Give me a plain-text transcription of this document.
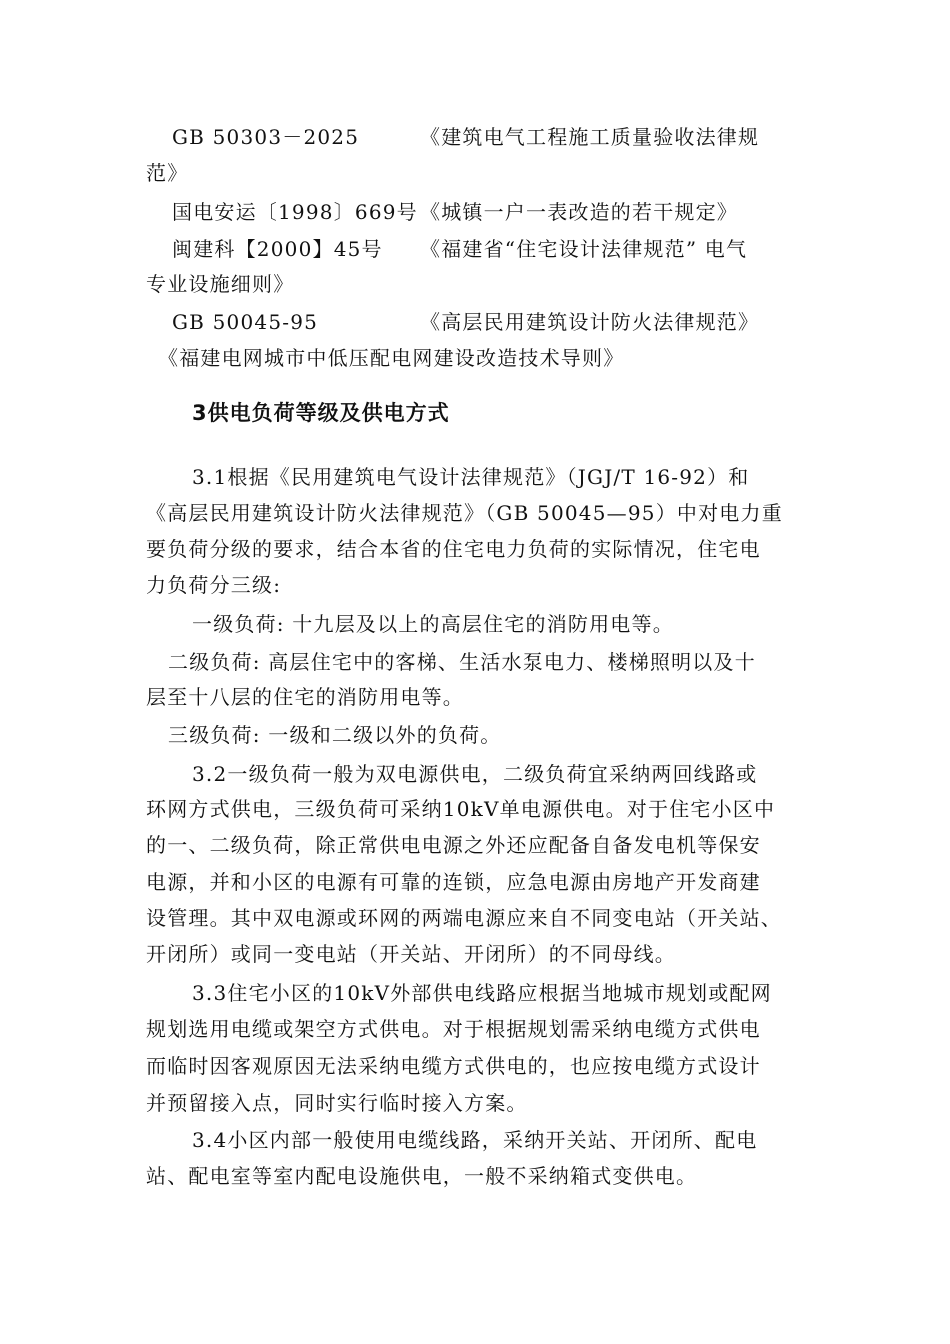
GB 50303－2025	《建筑电气工程施工质量验收法律规
范》
国电安运〔1998〕669号 《城镇一户一表改造的若干规定》
闽建科【2000】45号 《福建省“住宅设计法律规范” 电气
专业设施细则》
GB 50045-95	《高层民用建筑设计防火法律规范》
《福建电网城市中低压配电网建设改造技术导则》
3供电负荷等级及供电方式
3.1根据《民用建筑电气设计法律规范》（JGJ/T 16-92）和
《高层民用建筑设计防火法律规范》（GB 50045—95）中对电力重
要负荷分级的要求，结合本省的住宅电力负荷的实际情况，住宅电
力负荷分三级:
一级负荷: 十九层及以上的高层住宅的消防用电等。
二级负荷: 高层住宅中的客梯、生活水泵电力、楼梯照明以及十
层至十八层的住宅的消防用电等。
三级负荷: 一级和二级以外的负荷。
3.2一级负荷一般为双电源供电，二级负荷宜采纳两回线路或
环网方式供电，三级负荷可采纳10kV单电源供电。对于住宅小区中
的一、二级负荷，除正常供电电源之外还应配备自备发电机等保安
电源，并和小区的电源有可靠的连锁，应急电源由房地产开发商建
设管理。其中双电源或环网的两端电源应来自不同变电站（开关站、
开闭所）或同一变电站（开关站、开闭所）的不同母线。
3.3住宅小区的10kV外部供电线路应根据当地城市规划或配网
规划选用电缆或架空方式供电。对于根据规划需采纳电缆方式供电
而临时因客观原因无法采纳电缆方式供电的，也应按电缆方式设计
并预留接入点，同时实行临时接入方案。
3.4小区内部一般使用电缆线路，采纳开关站、开闭所、配电
站、配电室等室内配电设施供电，一般不采纳箱式变供电。
